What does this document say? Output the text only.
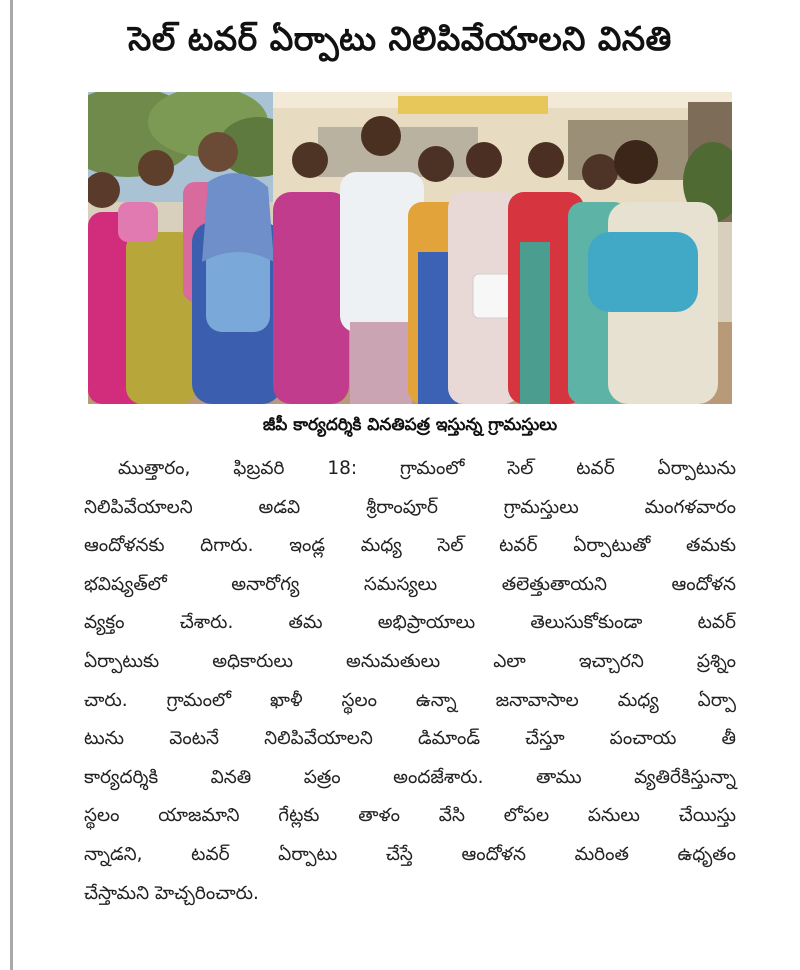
సెల్ టవర్ ఏర్పాటు నిలిపివేయాలని వినతి
జీపీ కార్యదర్శికి వినతిపత్ర ఇస్తున్న గ్రామస్తులు
ముత్తారం, ఫిబ్రవరి 18: గ్రామంలో సెల్ టవర్ ఏర్పాటును
నిలిపివేయాలని అడవి శ్రీరాంపూర్ గ్రామస్తులు మంగళవారం
ఆందోళనకు దిగారు. ఇండ్ల మధ్య సెల్ టవర్ ఏర్పాటుతో తమకు
భవిష్యత్‌లో అనారోగ్య సమస్యలు తలెత్తుతాయని ఆందోళన
వ్యక్తం చేశారు. తమ అభిప్రాయాలు తెలుసుకోకుండా టవర్
ఏర్పాటుకు అధికారులు అనుమతులు ఎలా ఇచ్చారని ప్రశ్నిం
చారు. గ్రామంలో ఖాళీ స్థలం ఉన్నా జనావాసాల మధ్య ఏర్పా
టును వెంటనే నిలిపివేయాలని డిమాండ్ చేస్తూ పంచాయ తీ
కార్యదర్శికి వినతి పత్రం అందజేశారు. తాము వ్యతిరేకిస్తున్నా
స్థలం యాజమాని గేట్లకు తాళం వేసి లోపల పనులు చేయిస్తు
న్నాడని, టవర్ ఏర్పాటు చేస్తే ఆందోళన మరింత ఉధృతం
చేస్తామని హెచ్చరించారు.
